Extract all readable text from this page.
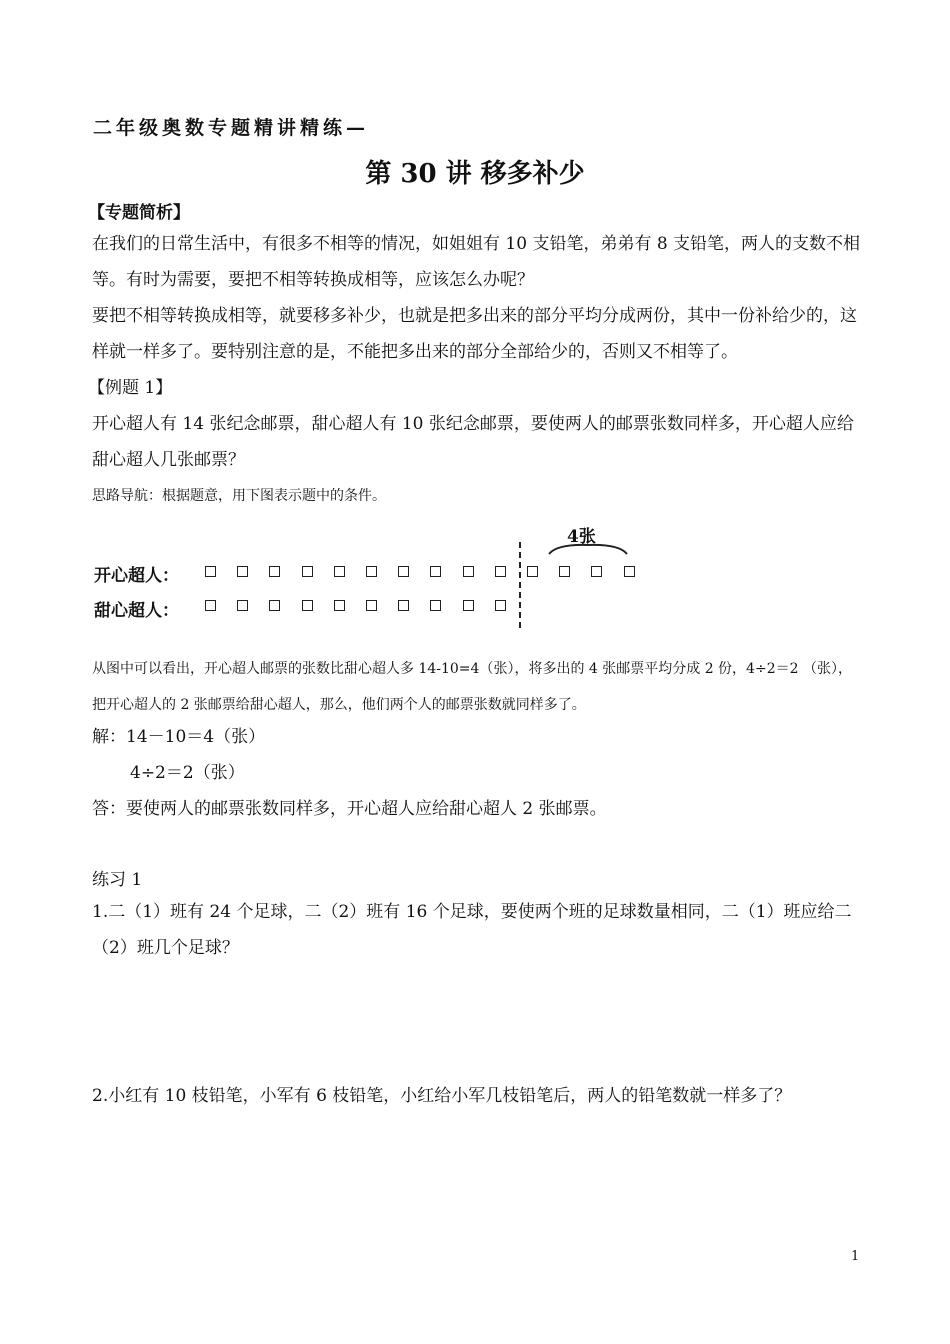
二年级奥数专题精讲精练—
第 30 讲 移多补少
【专题简析】
在我们的日常生活中，有很多不相等的情况，如姐姐有 10 支铅笔，弟弟有 8 支铅笔，两人的支数不相等。有时为需要，要把不相等转换成相等，应该怎么办呢？
要把不相等转换成相等，就要移多补少，也就是把多出来的部分平均分成两份，其中一份补给少的，这样就一样多了。要特别注意的是，不能把多出来的部分全部给少的，否则又不相等了。
【例题 1】
开心超人有 14 张纪念邮票，甜心超人有 10 张纪念邮票，要使两人的邮票张数同样多，开心超人应给甜心超人几张邮票？
思路导航：根据题意，用下图表示题中的条件。
4张
开心超人：
甜心超人：
从图中可以看出，开心超人邮票的张数比甜心超人多 14-10=4（张），将多出的 4 张邮票平均分成 2 份，4÷2＝2 （张），把开心超人的 2 张邮票给甜心超人，那么，他们两个人的邮票张数就同样多了。
解：14－10＝4（张）
4÷2＝2（张）
答：要使两人的邮票张数同样多，开心超人应给甜心超人 2 张邮票。
练习 1
1.二（1）班有 24 个足球，二（2）班有 16 个足球，要使两个班的足球数量相同，二（1）班应给二（2）班几个足球？
2.小红有 10 枝铅笔，小军有 6 枝铅笔，小红给小军几枝铅笔后，两人的铅笔数就一样多了？
1
